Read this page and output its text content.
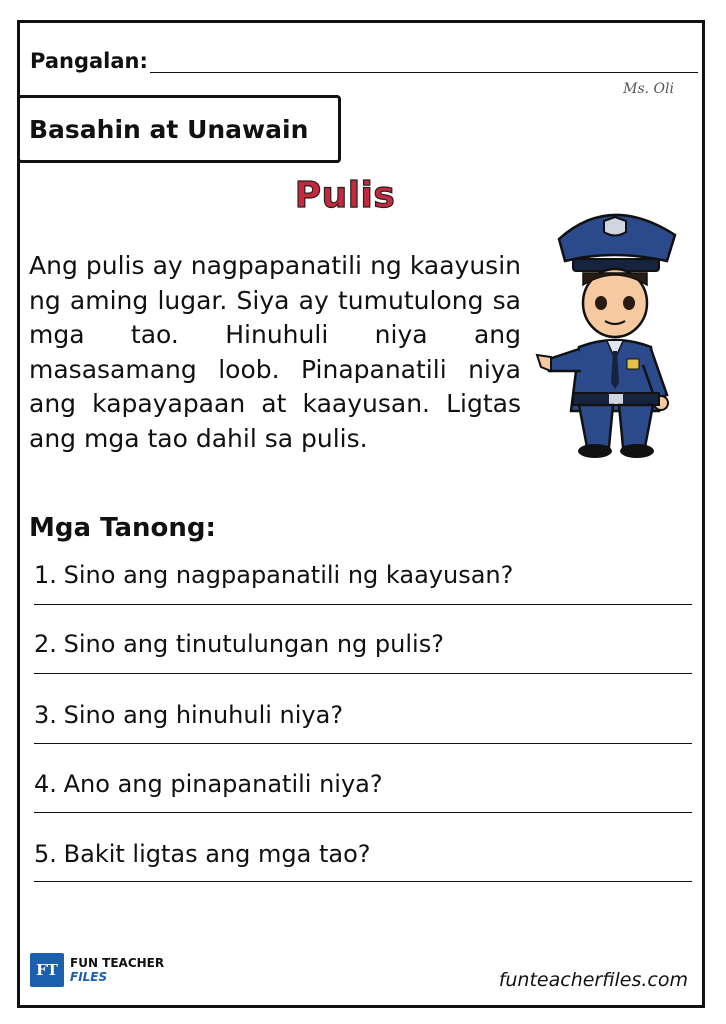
Pangalan:
Ms. Oli
Basahin at Unawain
Pulis
Ang pulis ay nagpapanatili ng kaayusin ng aming lugar. Siya ay tumutulong sa mga tao. Hinuhuli niya ang masasamang loob. Pinapanatili niya ang kapayapaan at kaayusan. Ligtas ang mga tao dahil sa pulis.
Mga Tanong:
1. Sino ang nagpapanatili ng kaayusan?
2. Sino ang tinutulungan ng pulis?
3. Sino ang hinuhuli niya?
4. Ano ang pinapanatili niya?
5. Bakit ligtas ang mga tao?
FT	FUN TEACHER
FILES	funteacherfiles.com
